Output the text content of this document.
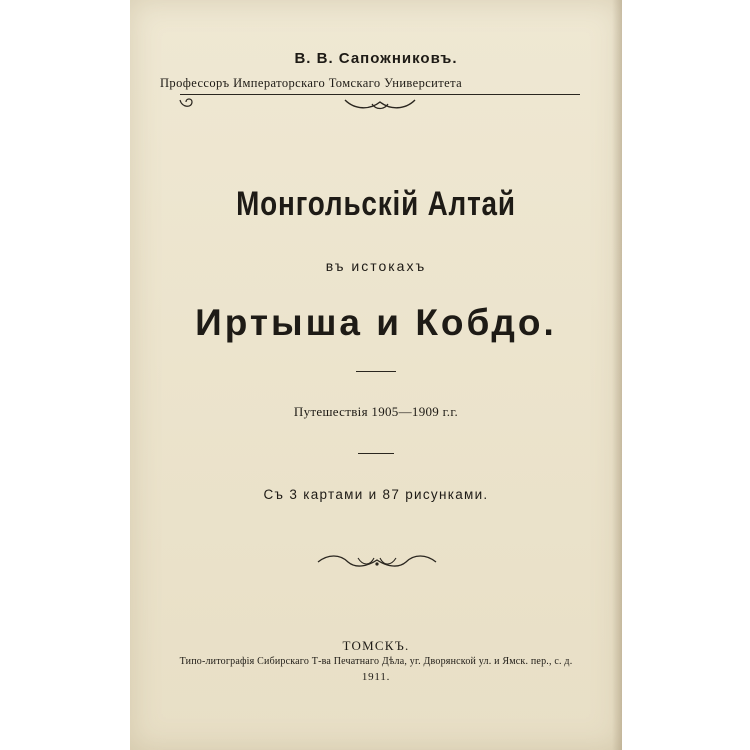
В. В. Сапожниковъ.
Профессоръ Императорскаго Томскаго Университета
Монгольскiй Алтай
въ истокахъ
Иртыша и Кобдо.
Путешествiя 1905—1909 г.г.
Съ 3 картами и 87 рисунками.
ТОМСКЪ.
Типо-литографiя Сибирскаго Т-ва Печатнаго Дѣла, уг. Дворянской ул. и Ямск. пер., с. д.
1911.
